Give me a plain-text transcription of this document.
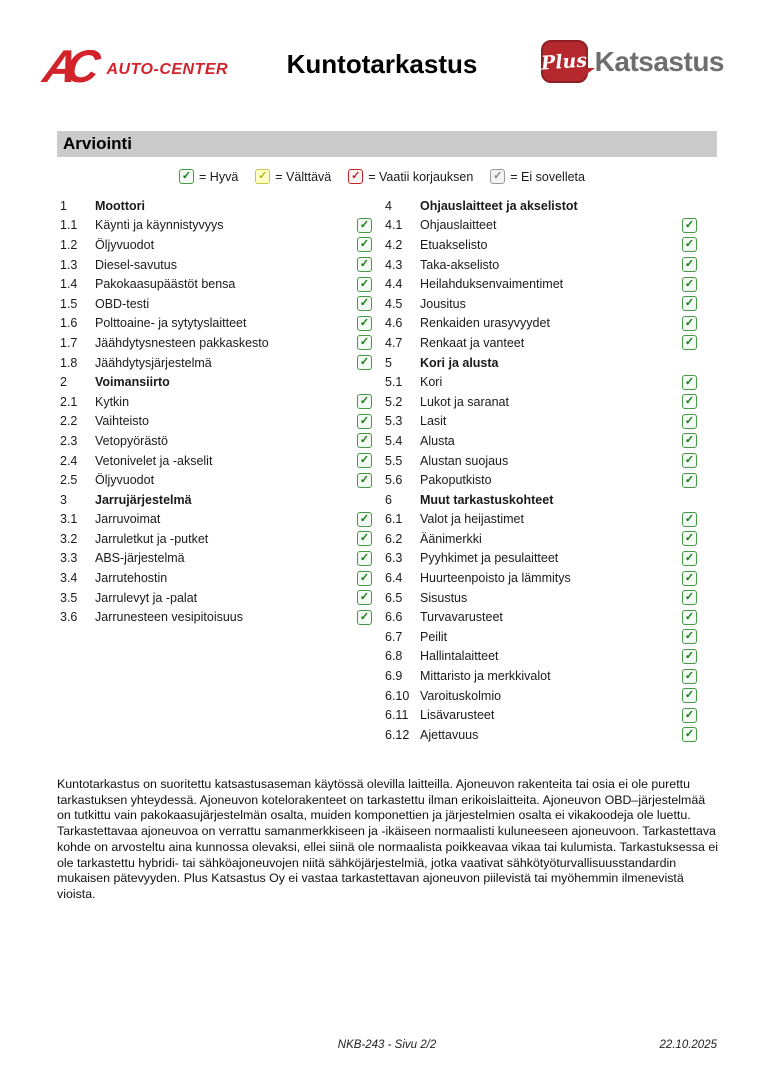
AC AUTO-CENTER	Kuntotarkastus	Plus Katsastus
Arviointi
✓ = Hyvä ✓ = Välttävä ✓ = Vaatii korjauksen ✓ = Ei sovelleta
1	Moottori
1.1	Käynti ja käynnistyvyys	✓
1.2	Öljyvuodot	✓
1.3	Diesel-savutus	✓
1.4	Pakokaasupäästöt bensa	✓
1.5	OBD-testi	✓
1.6	Polttoaine- ja sytytyslaitteet	✓
1.7	Jäähdytysnesteen pakkaskesto	✓
1.8	Jäähdytysjärjestelmä	✓
2	Voimansiirto
2.1	Kytkin	✓
2.2	Vaihteisto	✓
2.3	Vetopyörästö	✓
2.4	Vetonivelet ja -akselit	✓
2.5	Öljyvuodot	✓
3	Jarrujärjestelmä
3.1	Jarruvoimat	✓
3.2	Jarruletkut ja -putket	✓
3.3	ABS-järjestelmä	✓
3.4	Jarrutehostin	✓
3.5	Jarrulevyt ja -palat	✓
3.6	Jarrunesteen vesipitoisuus	✓
4	Ohjauslaitteet ja akselistot
4.1	Ohjauslaitteet	✓
4.2	Etuakselisto	✓
4.3	Taka-akselisto	✓
4.4	Heilahduksenvaimentimet	✓
4.5	Jousitus	✓
4.6	Renkaiden urasyvyydet	✓
4.7	Renkaat ja vanteet	✓
5	Kori ja alusta
5.1	Kori	✓
5.2	Lukot ja saranat	✓
5.3	Lasit	✓
5.4	Alusta	✓
5.5	Alustan suojaus	✓
5.6	Pakoputkisto	✓
6	Muut tarkastuskohteet
6.1	Valot ja heijastimet	✓
6.2	Äänimerkki	✓
6.3	Pyyhkimet ja pesulaitteet	✓
6.4	Huurteenpoisto ja lämmitys	✓
6.5	Sisustus	✓
6.6	Turvavarusteet	✓
6.7	Peilit	✓
6.8	Hallintalaitteet	✓
6.9	Mittaristo ja merkkivalot	✓
6.10 Varoituskolmio	✓
6.11 Lisävarusteet	✓
6.12 Ajettavuus	✓
Kuntotarkastus on suoritettu katsastusaseman käytössä olevilla laitteilla. Ajoneuvon rakenteita tai osia ei ole purettu tarkastuksen yhteydessä. Ajoneuvon kotelorakenteet on tarkastettu ilman erikoislaitteita. Ajoneuvon OBD–järjestelmää on tutkittu vain pakokaasujärjestelmän osalta, muiden komponettien ja järjestelmien osalta ei vikakoodeja ole luettu. Tarkastettavaa ajoneuvoa on verrattu samanmerkkiseen ja -ikäiseen normaalisti kuluneeseen ajoneuvoon. Tarkastettava kohde on arvosteltu aina kunnossa olevaksi, ellei siinä ole normaalista poikkeavaa vikaa tai kulumista. Tarkastuksessa ei ole tarkastettu hybridi- tai sähköajoneuvojen niitä sähköjärjestelmiä, jotka vaativat sähkötyöturvallisuusstandardin mukaisen pätevyyden. Plus Katsastus Oy ei vastaa tarkastettavan ajoneuvon piilevistä tai myöhemmin ilmenevistä vioista.
NKB-243 - Sivu 2/2	22.10.2025
